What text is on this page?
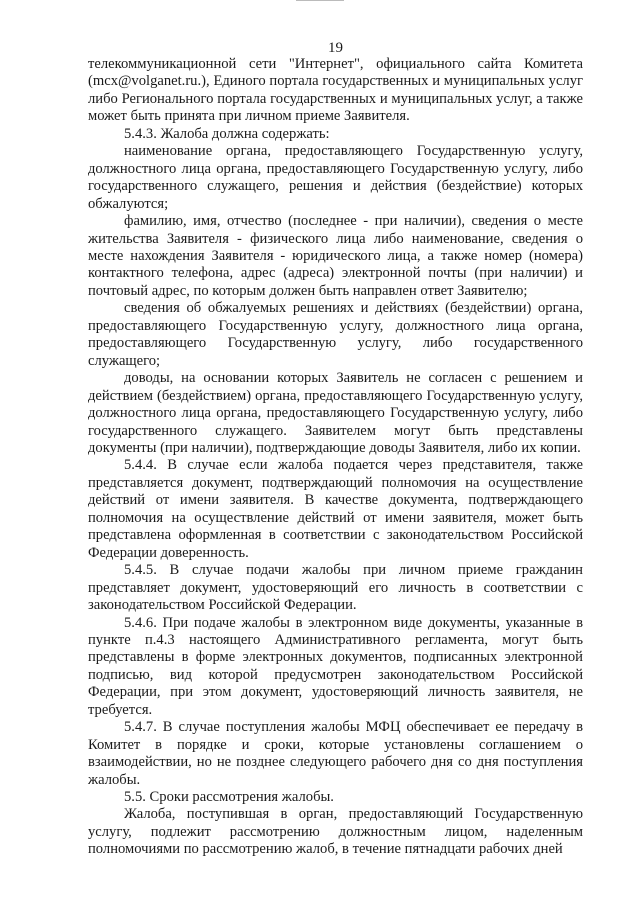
19

телекоммуникационной сети "Интернет", официального сайта Комитета (mcx@volganet.ru.), Единого портала государственных и муниципальных услуг либо Регионального портала государственных и муниципальных услуг, а также может быть принята при личном приеме Заявителя.

5.4.3. Жалоба должна содержать:

наименование органа, предоставляющего Государственную услугу, должностного лица органа, предоставляющего Государственную услугу, либо государственного служащего, решения и действия (бездействие) которых обжалуются;

фамилию, имя, отчество (последнее - при наличии), сведения о месте жительства Заявителя - физического лица либо наименование, сведения о месте нахождения Заявителя - юридического лица, а также номер (номера) контактного телефона, адрес (адреса) электронной почты (при наличии) и почтовый адрес, по которым должен быть направлен ответ Заявителю;

сведения об обжалуемых решениях и действиях (бездействии) органа, предоставляющего Государственную услугу, должностного лица органа, предоставляющего Государственную услугу, либо государственного служащего;

доводы, на основании которых Заявитель не согласен с решением и действием (бездействием) органа, предоставляющего Государственную услугу, должностного лица органа, предоставляющего Государственную услугу, либо государственного служащего. Заявителем могут быть представлены документы (при наличии), подтверждающие доводы Заявителя, либо их копии.

5.4.4. В случае если жалоба подается через представителя, также представляется документ, подтверждающий полномочия на осуществление действий от имени заявителя. В качестве документа, подтверждающего полномочия на осуществление действий от имени заявителя, может быть представлена оформленная в соответствии с законодательством Российской Федерации доверенность.

5.4.5. В случае подачи жалобы при личном приеме гражданин представляет документ, удостоверяющий его личность в соответствии с законодательством Российской Федерации.

5.4.6. При подаче жалобы в электронном виде документы, указанные в пункте п.4.3 настоящего Административного регламента, могут быть представлены в форме электронных документов, подписанных электронной подписью, вид которой предусмотрен законодательством Российской Федерации, при этом документ, удостоверяющий личность заявителя, не требуется.

5.4.7. В случае поступления жалобы МФЦ обеспечивает ее передачу в Комитет в порядке и сроки, которые установлены соглашением о взаимодействии, но не позднее следующего рабочего дня со дня поступления жалобы.

5.5. Сроки рассмотрения жалобы.

Жалоба, поступившая в орган, предоставляющий Государственную услугу, подлежит рассмотрению должностным лицом, наделенным полномочиями по рассмотрению жалоб, в течение пятнадцати рабочих дней
